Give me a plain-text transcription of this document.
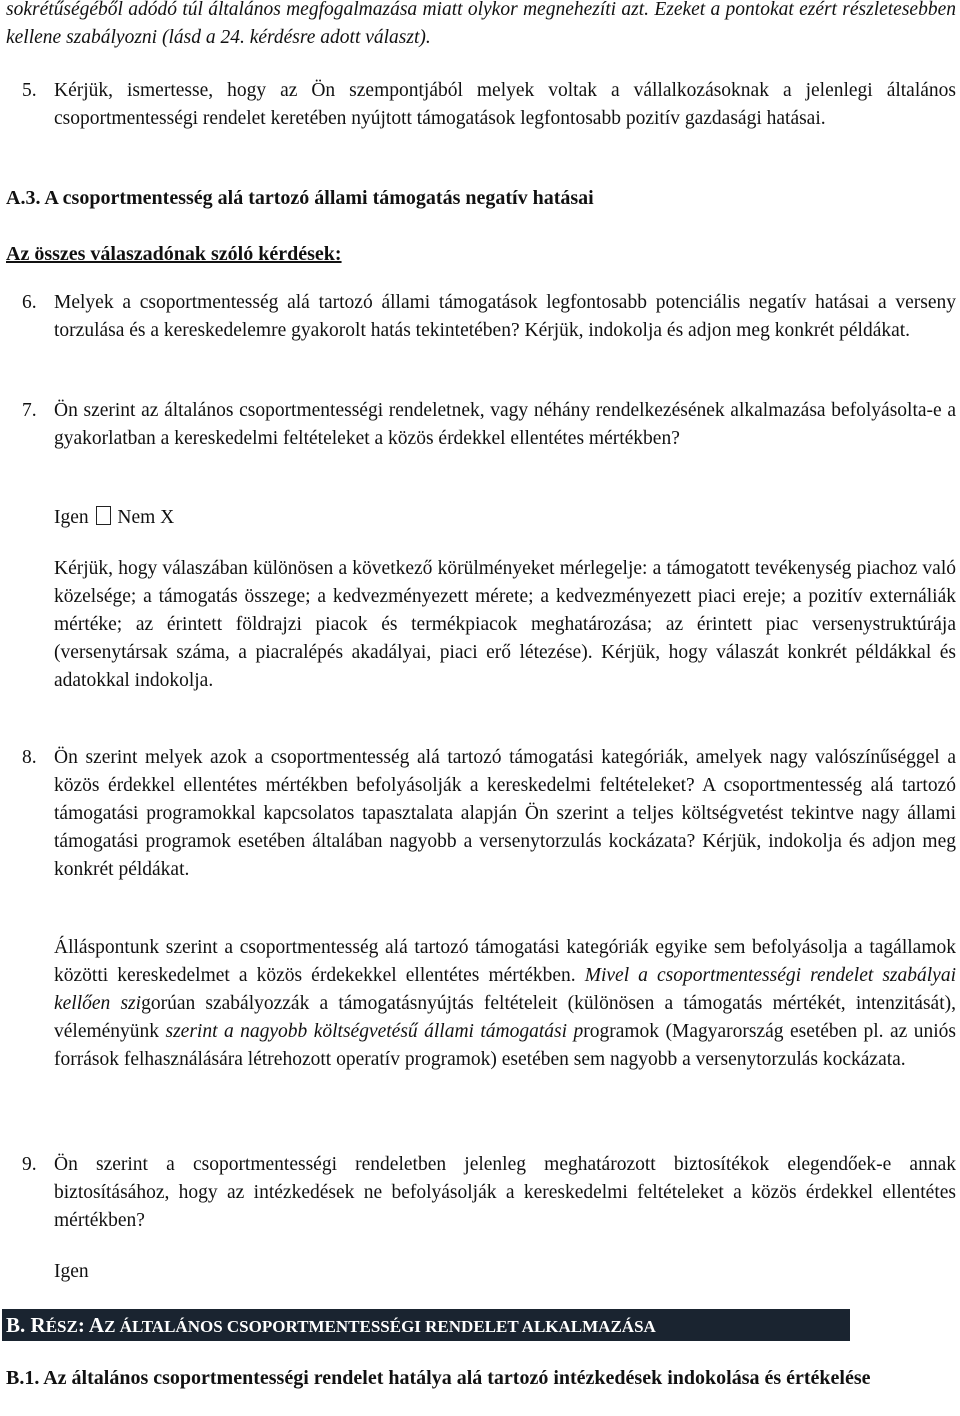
sokrétűségéből adódó túl általános megfogalmazása miatt olykor megnehezíti azt. Ezeket a pontokat ezért részletesebben kellene szabályozni (lásd a 24. kérdésre adott választ).

5. Kérjük, ismertesse, hogy az Ön szempontjából melyek voltak a vállalkozásoknak a jelenlegi általános csoportmentességi rendelet keretében nyújtott támogatások legfontosabb pozitív gazdasági hatásai.

A.3. A csoportmentesség alá tartozó állami támogatás negatív hatásai

Az összes válaszadónak szóló kérdések:

6. Melyek a csoportmentesség alá tartozó állami támogatások legfontosabb potenciális negatív hatásai a verseny torzulása és a kereskedelemre gyakorolt hatás tekintetében? Kérjük, indokolja és adjon meg konkrét példákat.

7. Ön szerint az általános csoportmentességi rendeletnek, vagy néhány rendelkezésének alkalmazása befolyásolta-e a gyakorlatban a kereskedelmi feltételeket a közös érdekkel ellentétes mértékben?

Igen Nem X

Kérjük, hogy válaszában különösen a következő körülményeket mérlegelje: a támogatott tevékenység piachoz való közelsége; a támogatás összege; a kedvezményezett mérete; a kedvezményezett piaci ereje; a pozitív externáliák mértéke; az érintett földrajzi piacok és termékpiacok meghatározása; az érintett piac versenystruktúrája (versenytársak száma, a piacralépés akadályai, piaci erő létezése). Kérjük, hogy válaszát konkrét példákkal és adatokkal indokolja.

8. Ön szerint melyek azok a csoportmentesség alá tartozó támogatási kategóriák, amelyek nagy valószínűséggel a közös érdekkel ellentétes mértékben befolyásolják a kereskedelmi feltételeket? A csoportmentesség alá tartozó támogatási programokkal kapcsolatos tapasztalata alapján Ön szerint a teljes költségvetést tekintve nagy állami támogatási programok esetében általában nagyobb a versenytorzulás kockázata? Kérjük, indokolja és adjon meg konkrét példákat.

Álláspontunk szerint a csoportmentesség alá tartozó támogatási kategóriák egyike sem befolyásolja a tagállamok közötti kereskedelmet a közös érdekekkel ellentétes mértékben. Mivel a csoportmentességi rendelet szabályai kellően szigorúan szabályozzák a támogatásnyújtás feltételeit (különösen a támogatás mértékét, intenzitását), véleményünk szerint a nagyobb költségvetésű állami támogatási programok (Magyarország esetében pl. az uniós források felhasználására létrehozott operatív programok) esetében sem nagyobb a versenytorzulás kockázata.

9. Ön szerint a csoportmentességi rendeletben jelenleg meghatározott biztosítékok elegendőek-e annak biztosításához, hogy az intézkedések ne befolyásolják a kereskedelmi feltételeket a közös érdekkel ellentétes mértékben?

Igen

B. RÉSZ: AZ ÁLTALÁNOS CSOPORTMENTESSÉGI RENDELET ALKALMAZÁSA

B.1. Az általános csoportmentességi rendelet hatálya alá tartozó intézkedések indokolása és értékelése
